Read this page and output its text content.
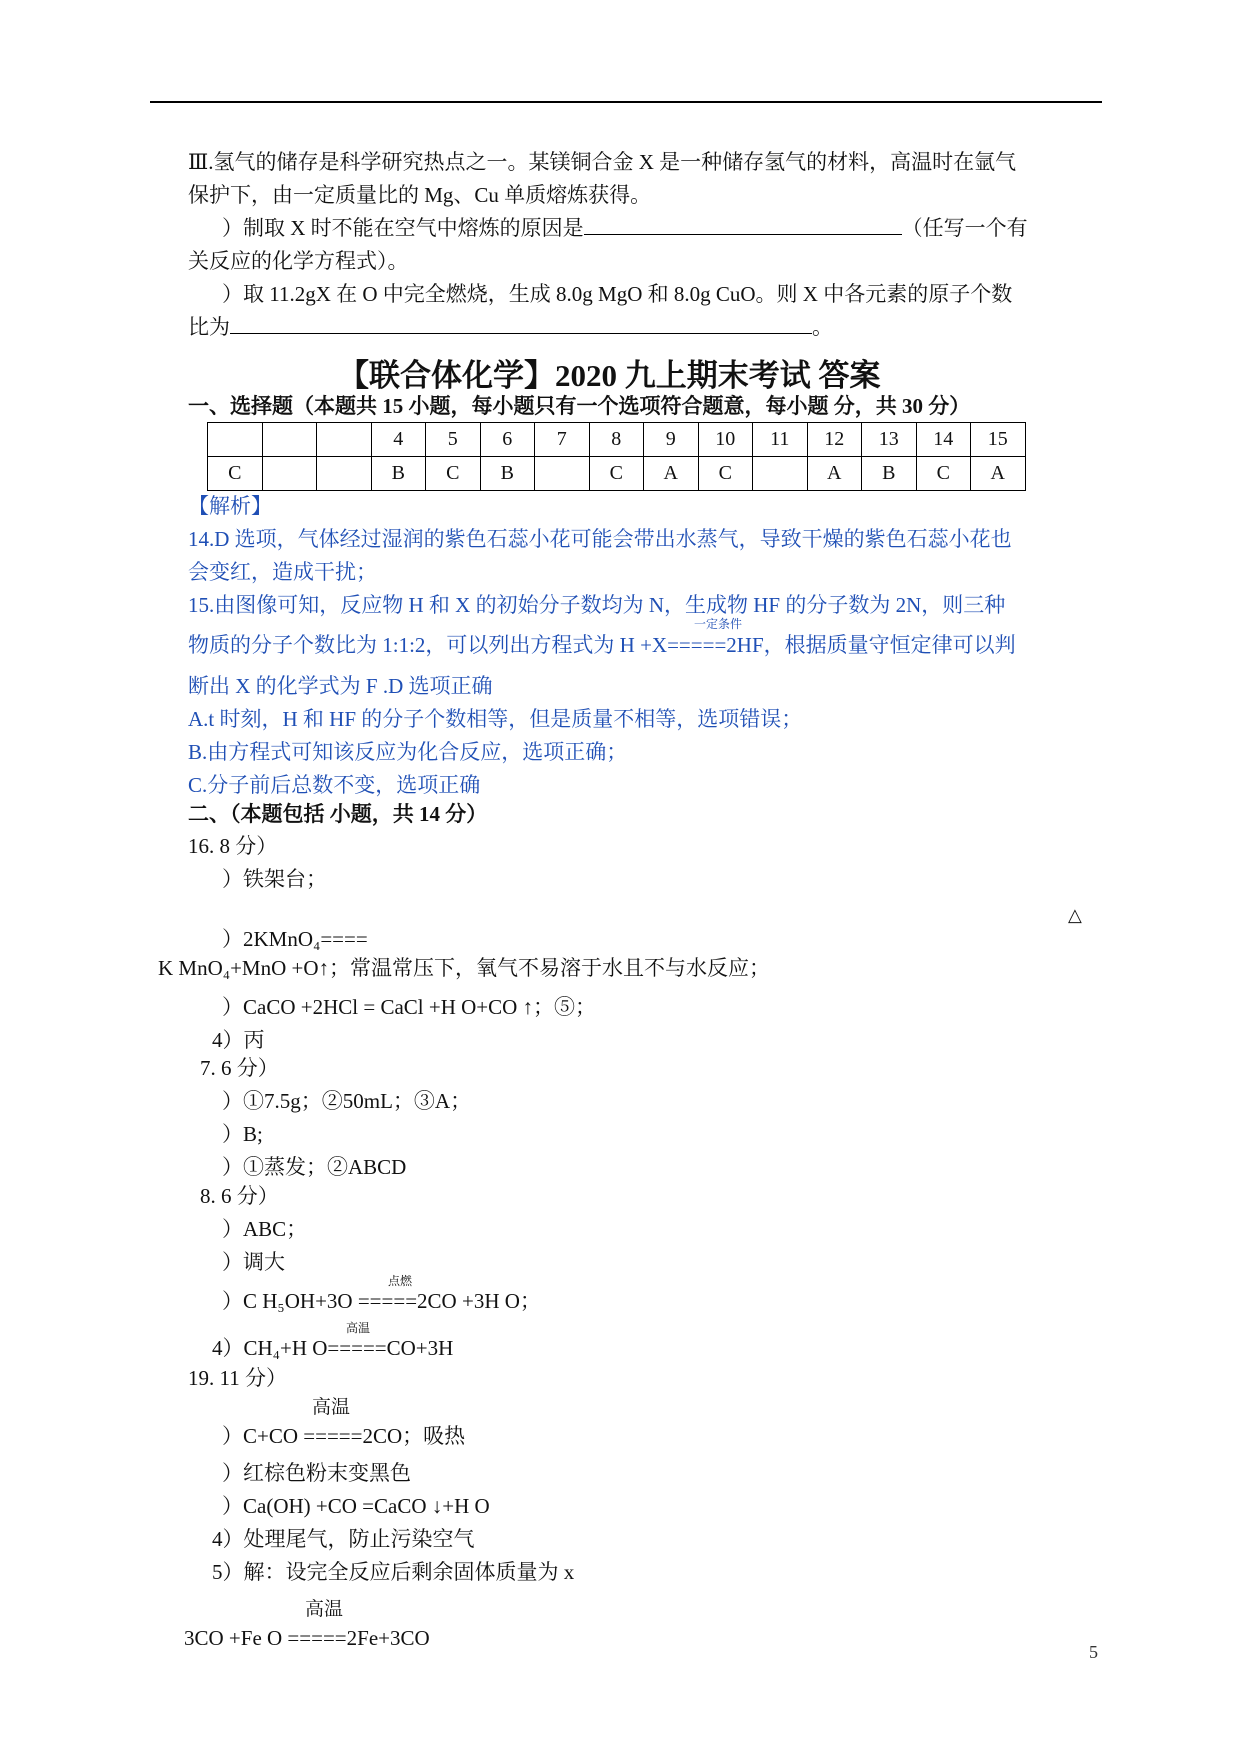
Ⅲ.氢气的储存是科学研究热点之一。某镁铜合金 X 是一种储存氢气的材料，高温时在氩气
保护下，由一定质量比的 Mg、Cu 单质熔炼获得。
）制取 X 时不能在空气中熔炼的原因是	（任写一个有
关反应的化学方程式）。
）取 11.2gX 在 O 中完全燃烧，生成 8.0g MgO 和 8.0g CuO。则 X 中各元素的原子个数
比为	。
【联合体化学】2020 九上期末考试 答案
一、选择题（本题共 15 小题，每小题只有一个选项符合题意，每小题 分，共 30 分）
			4	5	6	7	8	9	10	11	12	13	14	15
C			B	C	B		C	A	C		A	B	C	A
【解析】
14.D 选项，气体经过湿润的紫色石蕊小花可能会带出水蒸气，导致干燥的紫色石蕊小花也
会变红，造成干扰；
15.由图像可知，反应物 H 和 X 的初始分子数均为 N，生成物 HF 的分子数为 2N，则三种
一定条件
物质的分子个数比为 1:1:2，可以列出方程式为 H +X=====2HF，根据质量守恒定律可以判
断出 X 的化学式为 F .D 选项正确
A.t 时刻，H 和 HF 的分子个数相等，但是质量不相等，选项错误；
B.由方程式可知该反应为化合反应，选项正确；
C.分子前后总数不变，选项正确
二、（本题包括 小题，共 14 分）
16. 8 分）
）铁架台；
△
）2KMnO₄====
K MnO₄+MnO +O↑；常温常压下，氧气不易溶于水且不与水反应；
）CaCO +2HCl = CaCl +H O+CO ↑；⑤；
4）丙
7. 6 分）
）①7.5g；②50mL；③A；
）B;
）①蒸发；②ABCD
8. 6 分）
）ABC；
）调大
点燃
）C H₅OH+3O =====2CO +3H O；
高温
4）CH₄+H O=====CO+3H
19. 11 分）
高温
）C+CO =====2CO；吸热
）红棕色粉末变黑色
）Ca(OH) +CO =CaCO ↓+H O
4）处理尾气，防止污染空气
5）解：设完全反应后剩余固体质量为 x
高温
3CO +Fe O =====2Fe+3CO
5
